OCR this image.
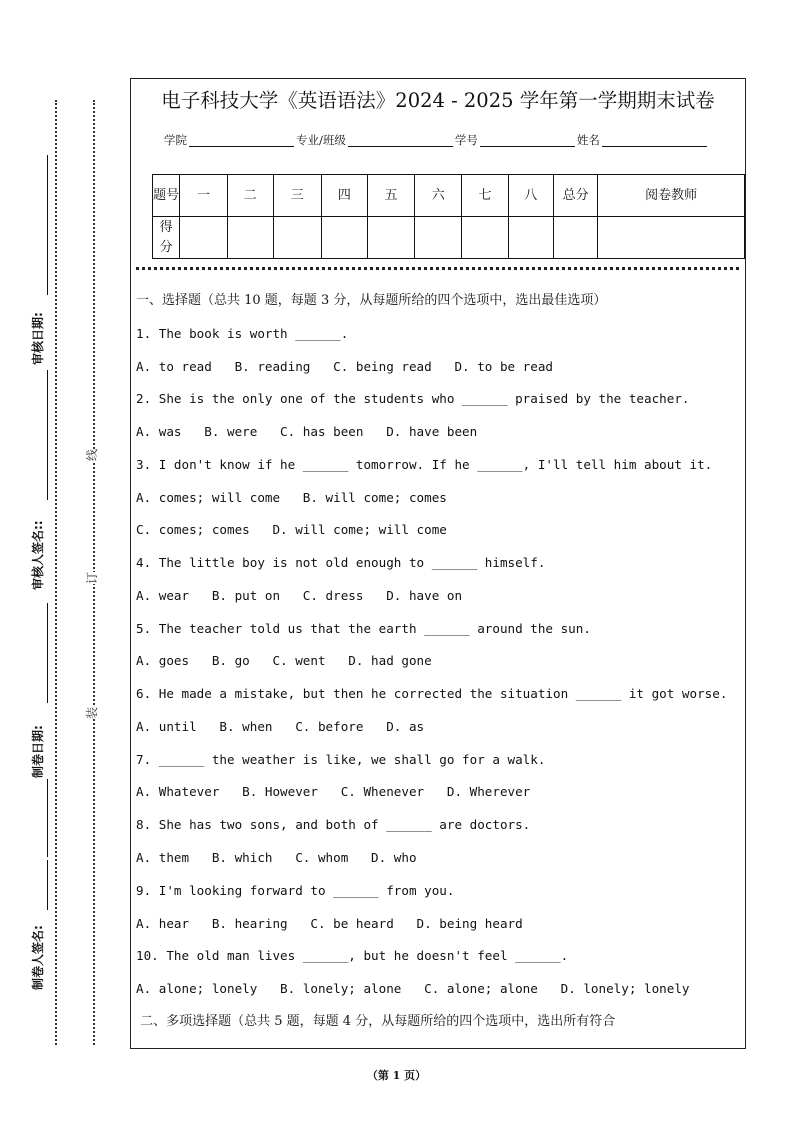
装
订
线
制卷人签名:
制卷日期:
审核人签名::
审核日期:
电子科技大学《英语语法》2024 - 2025 学年第一学期期末试卷
学院	专业/班级	学号	姓名
题号	一	二	三	四	五	六	七	八	总分	阅卷教师
得分										
一、选择题（总共 10 题，每题 3 分，从每题所给的四个选项中，选出最佳选项）
1. The book is worth ______.
A. to read   B. reading   C. being read   D. to be read
2. She is the only one of the students who ______ praised by the teacher.
A. was   B. were   C. has been   D. have been
3. I don't know if he ______ tomorrow. If he ______, I'll tell him about it.
A. comes; will come   B. will come; comes
C. comes; comes   D. will come; will come
4. The little boy is not old enough to ______ himself.
A. wear   B. put on   C. dress   D. have on
5. The teacher told us that the earth ______ around the sun.
A. goes   B. go   C. went   D. had gone
6. He made a mistake, but then he corrected the situation ______ it got worse.
A. until   B. when   C. before   D. as
7. ______ the weather is like, we shall go for a walk.
A. Whatever   B. However   C. Whenever   D. Wherever
8. She has two sons, and both of ______ are doctors.
A. them   B. which   C. whom   D. who
9. I'm looking forward to ______ from you.
A. hear   B. hearing   C. be heard   D. being heard
10. The old man lives ______, but he doesn't feel ______.
A. alone; lonely   B. lonely; alone   C. alone; alone   D. lonely; lonely
二、多项选择题（总共 5 题，每题 4 分，从每题所给的四个选项中，选出所有符合
（第 1 页）
